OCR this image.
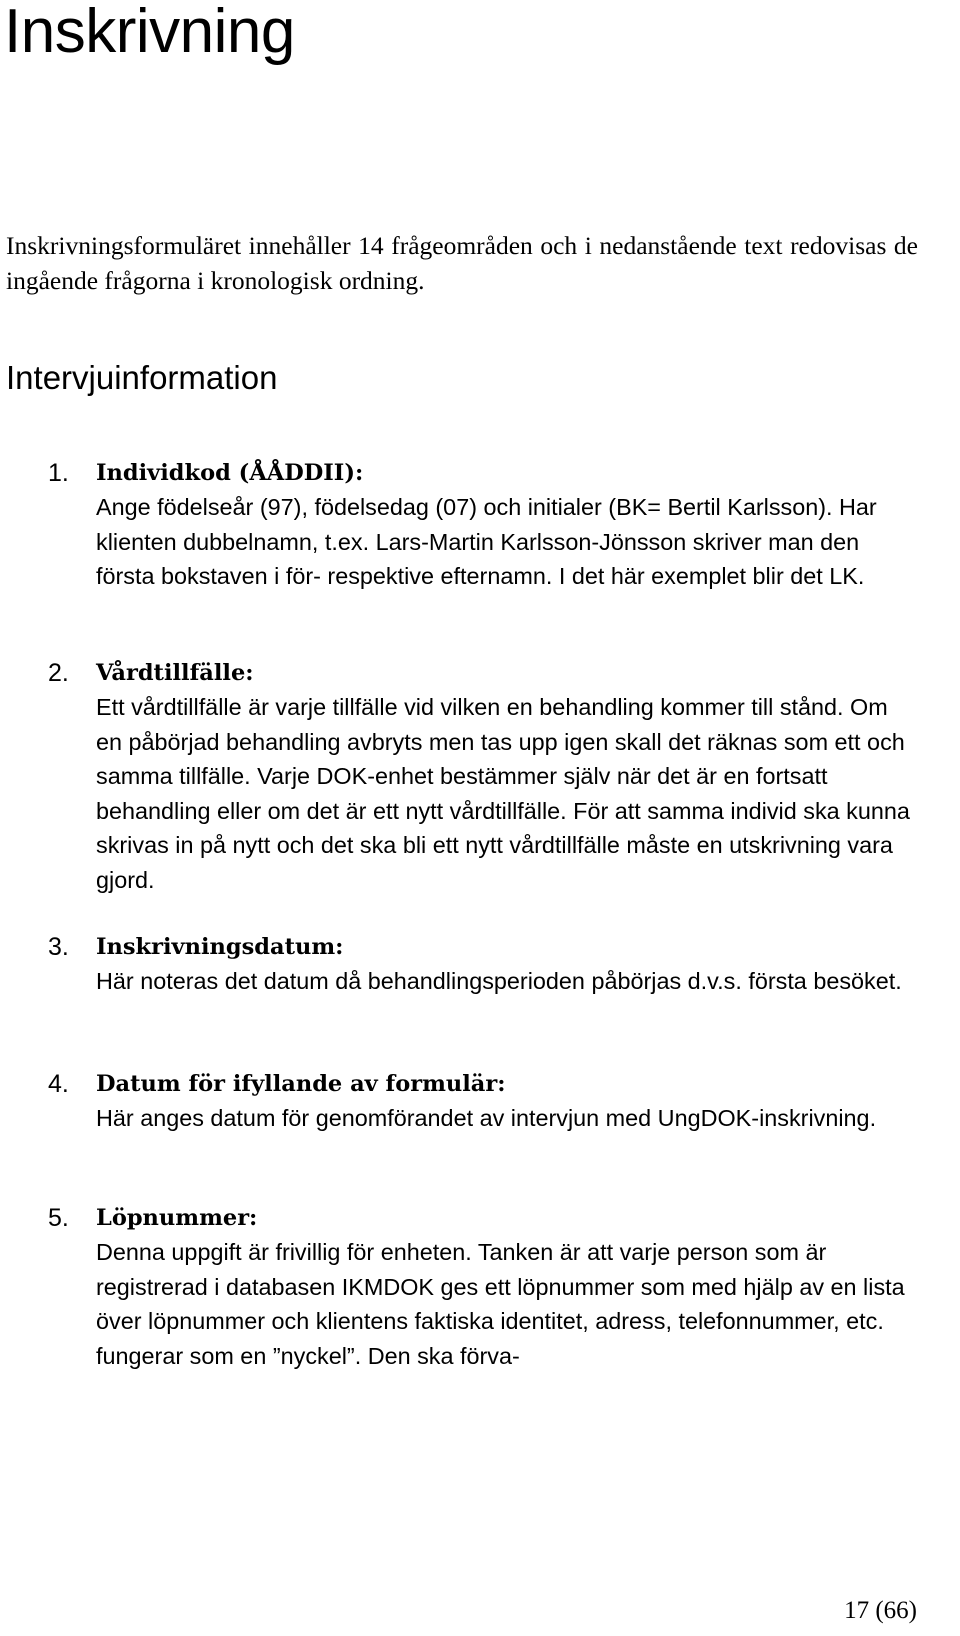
Inskrivning

Inskrivningsformuläret innehåller 14 frågeområden och i nedanstående text redovisas de ingående frågorna i kronologisk ordning.

Intervjuinformation
1. Individkod (ÅÅDDII):
Ange födelseår (97), födelsedag (07) och initialer (BK= Bertil Karlsson). Har klienten dubbelnamn, t.ex. Lars-Martin Karlsson-Jönsson skriver man den första bokstaven i för- respektive efternamn. I det här exemplet blir det LK.
2. Vårdtillfälle:
Ett vårdtillfälle är varje tillfälle vid vilken en behandling kommer till stånd. Om en påbörjad behandling avbryts men tas upp igen skall det räknas som ett och samma tillfälle. Varje DOK-enhet bestämmer själv när det är en fortsatt behandling eller om det är ett nytt vårdtillfälle. För att samma individ ska kunna skrivas in på nytt och det ska bli ett nytt vårdtillfälle måste en utskrivning vara gjord.
3. Inskrivningsdatum:
Här noteras det datum då behandlingsperioden påbörjas d.v.s. första besöket.
4. Datum för ifyllande av formulär:
Här anges datum för genomförandet av intervjun med UngDOK-inskrivning.
5. Löpnummer:
Denna uppgift är frivillig för enheten. Tanken är att varje person som är registrerad i databasen IKMDOK ges ett löpnummer som med hjälp av en lista över löpnummer och klientens faktiska identitet, adress, telefonnummer, etc. fungerar som en ”nyckel”. Den ska förva-
17 (66)
